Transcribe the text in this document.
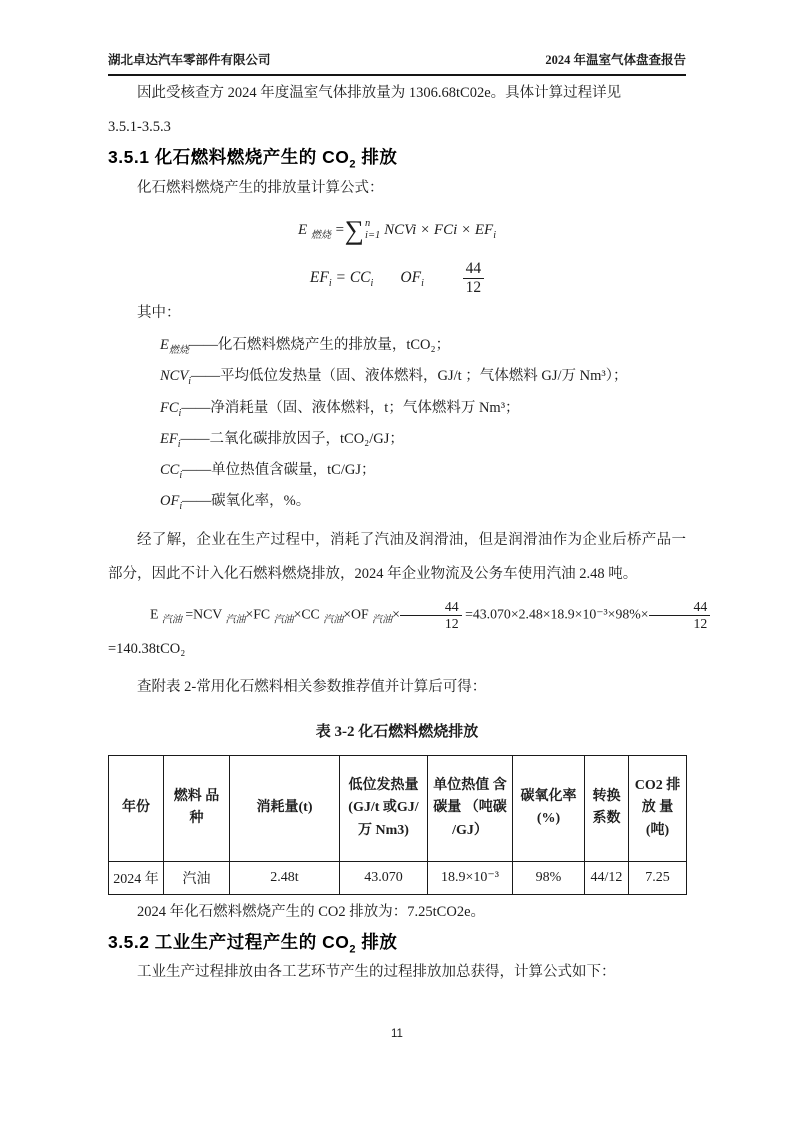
湖北卓达汽车零部件有限公司	2024 年温室气体盘查报告

因此受核查方 2024 年度温室气体排放量为 1306.68tC02e。具体计算过程详见

3.5.1-3.5.3

3.5.1 化石燃料燃烧产生的 $CO_2$ 排放

化石燃料燃烧产生的排放量计算公式：

E $_{燃烧}$ = ∑ n
i=1 NCVi × FCi × $EF_i$
$EF_i = CC_i$       $OF_i$	$\frac{44}{12}$

其中：

$E_{燃烧}——$化石燃料燃烧产生的排放量，tCO₂；

$NCV_i——$平均低位发热量（固、液体燃料，GJ/t ；气体燃料 GJ/万 Nm³）；

$FC_i——$净消耗量（固、液体燃料，t；气体燃料万 Nm³；

$EF_i——$二氧化碳排放因子，tCO₂/GJ；

$CC_i——$单位热值含碳量，tC/GJ；

$OF_i——$碳氧化率，%。

经了解，企业在生产过程中，消耗了汽油及润滑油，但是润滑油作为企业后桥产品一部分，因此不计入化石燃料燃烧排放，2024 年企业物流及公务车使用汽油 2.48 吨。

E $_{汽油}$ =NCV $_{汽油}$×FC $_{汽油}$×CC $_{汽油}$×OF $_{汽油}\times \frac{44}{12} =43.070\times 2.48\times 18.9\times 10^{-3}\times 98\%\times \frac{44}{12}$

=140.38tCO₂

查附表 2-常用化石燃料相关参数推荐值并计算后可得：

表 3-2 化石燃料燃烧排放
年份	燃料 品种	消耗量(t)	低位发热量 (GJ/t 或GJ/ 万 Nm3)	单位热值 含碳量 （吨碳 /GJ）	碳氧化率 (%)	转换 系数	CO2 排 放 量 (吨)
2024 年	汽油	2.48t	43.070	18.9×10⁻³	98%	44/12	7.25

2024 年化石燃料燃烧产生的 CO2 排放为：7.25tCO2e。

3.5.2 工业生产过程产生的 $CO_2$ 排放

工业生产过程排放由各工艺环节产生的过程排放加总获得，计算公式如下：

11
